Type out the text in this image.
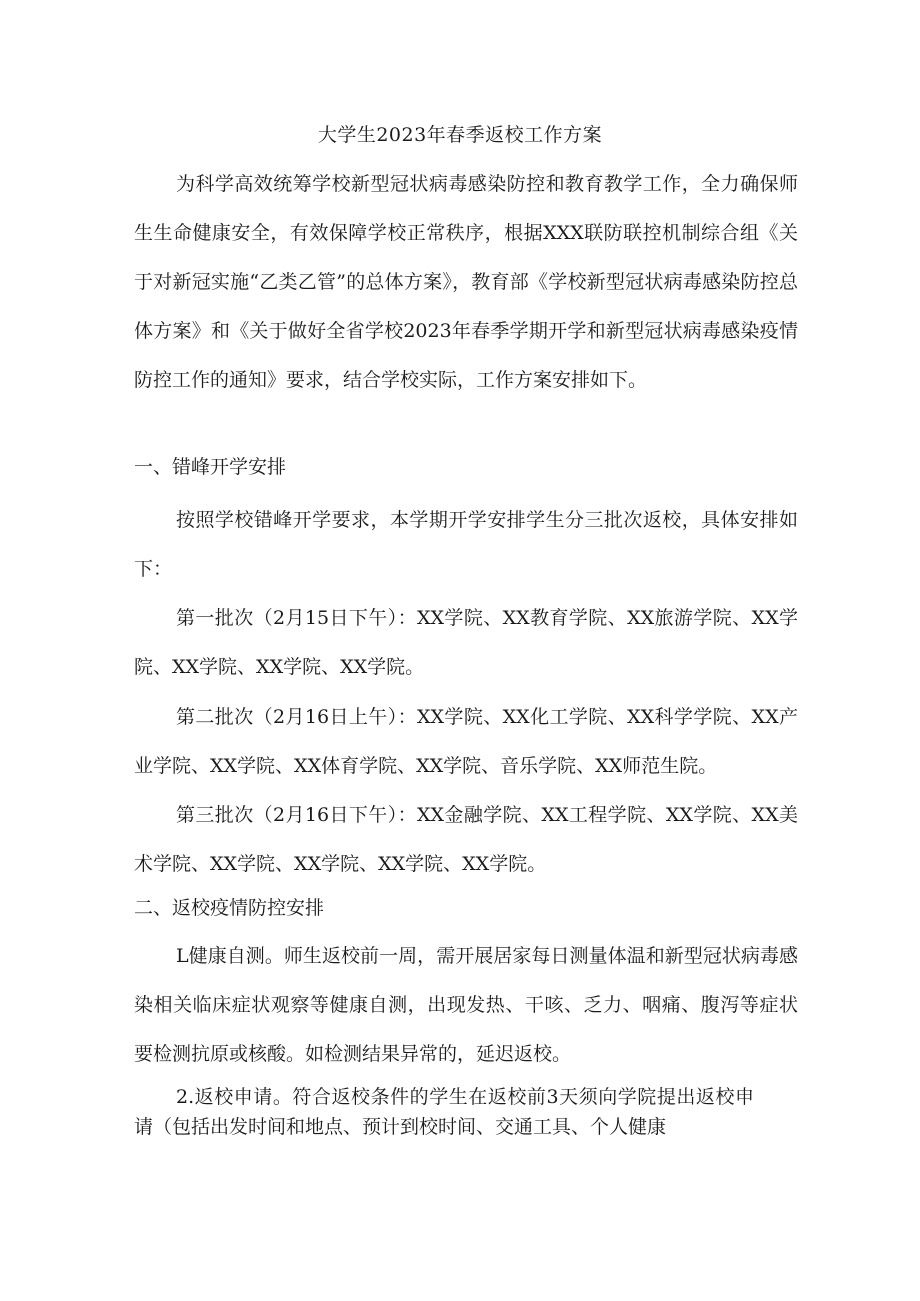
大学生2023年春季返校工作方案

为科学高效统筹学校新型冠状病毒感染防控和教育教学工作，全力确保师生生命健康安全，有效保障学校正常秩序，根据XXX联防联控机制综合组《关于对新冠实施“乙类乙管”的总体方案》，教育部《学校新型冠状病毒感染防控总体方案》和《关于做好全省学校2023年春季学期开学和新型冠状病毒感染疫情防控工作的通知》要求，结合学校实际，工作方案安排如下。

一、错峰开学安排

按照学校错峰开学要求，本学期开学安排学生分三批次返校，具体安排如下：

第一批次（2月15日下午）：XX学院、XX教育学院、XX旅游学院、XX学院、XX学院、XX学院、XX学院。

第二批次（2月16日上午）：XX学院、XX化工学院、XX科学学院、XX产业学院、XX学院、XX体育学院、XX学院、音乐学院、XX师范生院。

第三批次（2月16日下午）：XX金融学院、XX工程学院、XX学院、XX美术学院、XX学院、XX学院、XX学院、XX学院。

二、返校疫情防控安排

L健康自测。师生返校前一周，需开展居家每日测量体温和新型冠状病毒感染相关临床症状观察等健康自测，出现发热、干咳、乏力、咽痛、腹泻等症状要检测抗原或核酸。如检测结果异常的，延迟返校。

2.返校申请。符合返校条件的学生在返校前3天须向学院提出返校申请（包括出发时间和地点、预计到校时间、交通工具、个人健康
